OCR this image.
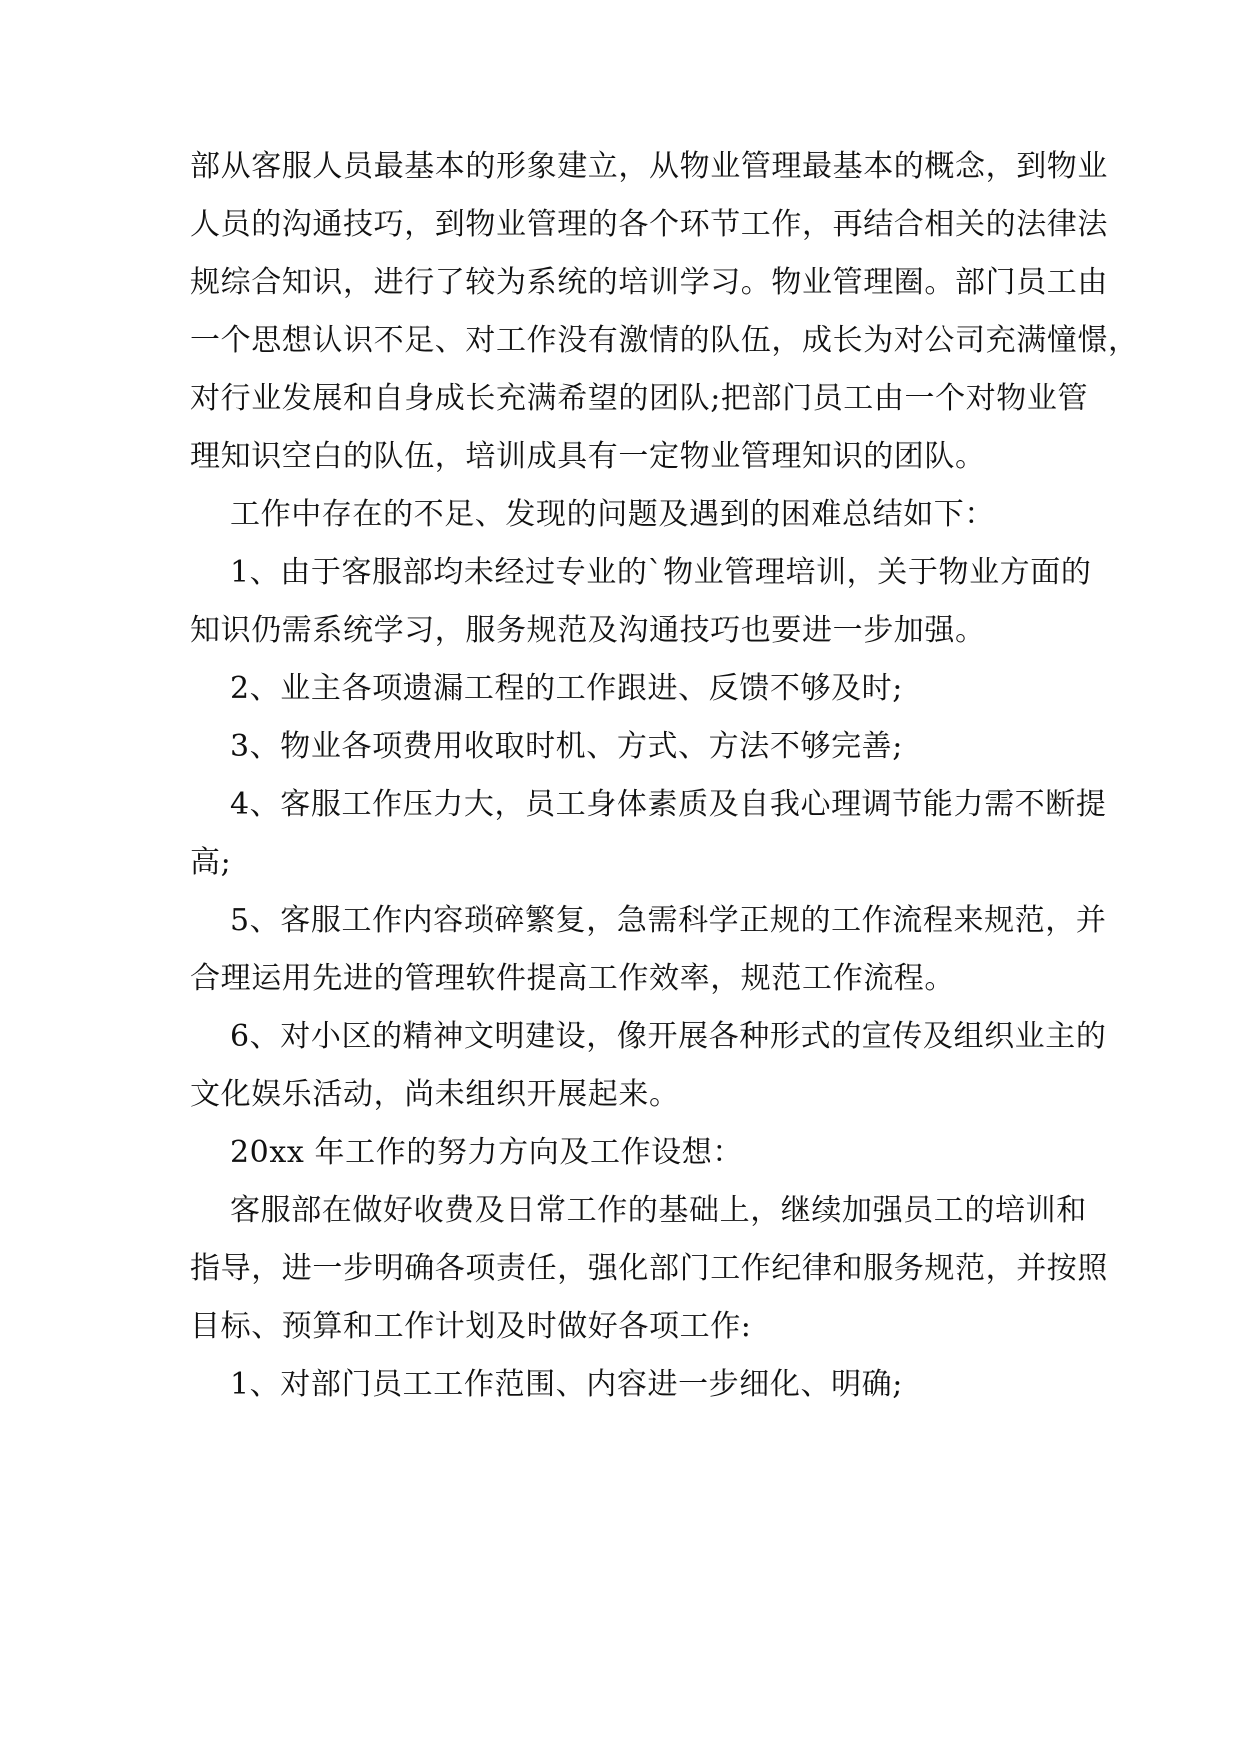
部从客服人员最基本的形象建立，从物业管理最基本的概念，到物业
人员的沟通技巧，到物业管理的各个环节工作，再结合相关的法律法
规综合知识，进行了较为系统的培训学习。物业管理圈。部门员工由
一个思想认识不足、对工作没有激情的队伍，成长为对公司充满憧憬，
对行业发展和自身成长充满希望的团队;把部门员工由一个对物业管
理知识空白的队伍，培训成具有一定物业管理知识的团队。
工作中存在的不足、发现的问题及遇到的困难总结如下：
1、由于客服部均未经过专业的`物业管理培训，关于物业方面的
知识仍需系统学习，服务规范及沟通技巧也要进一步加强。
2、业主各项遗漏工程的工作跟进、反馈不够及时;
3、物业各项费用收取时机、方式、方法不够完善;
4、客服工作压力大，员工身体素质及自我心理调节能力需不断提
高;
5、客服工作内容琐碎繁复，急需科学正规的工作流程来规范，并
合理运用先进的管理软件提高工作效率，规范工作流程。
6、对小区的精神文明建设，像开展各种形式的宣传及组织业主的
文化娱乐活动，尚未组织开展起来。
20xx 年工作的努力方向及工作设想：
客服部在做好收费及日常工作的基础上，继续加强员工的培训和
指导，进一步明确各项责任，强化部门工作纪律和服务规范，并按照
目标、预算和工作计划及时做好各项工作:
1、对部门员工工作范围、内容进一步细化、明确;
